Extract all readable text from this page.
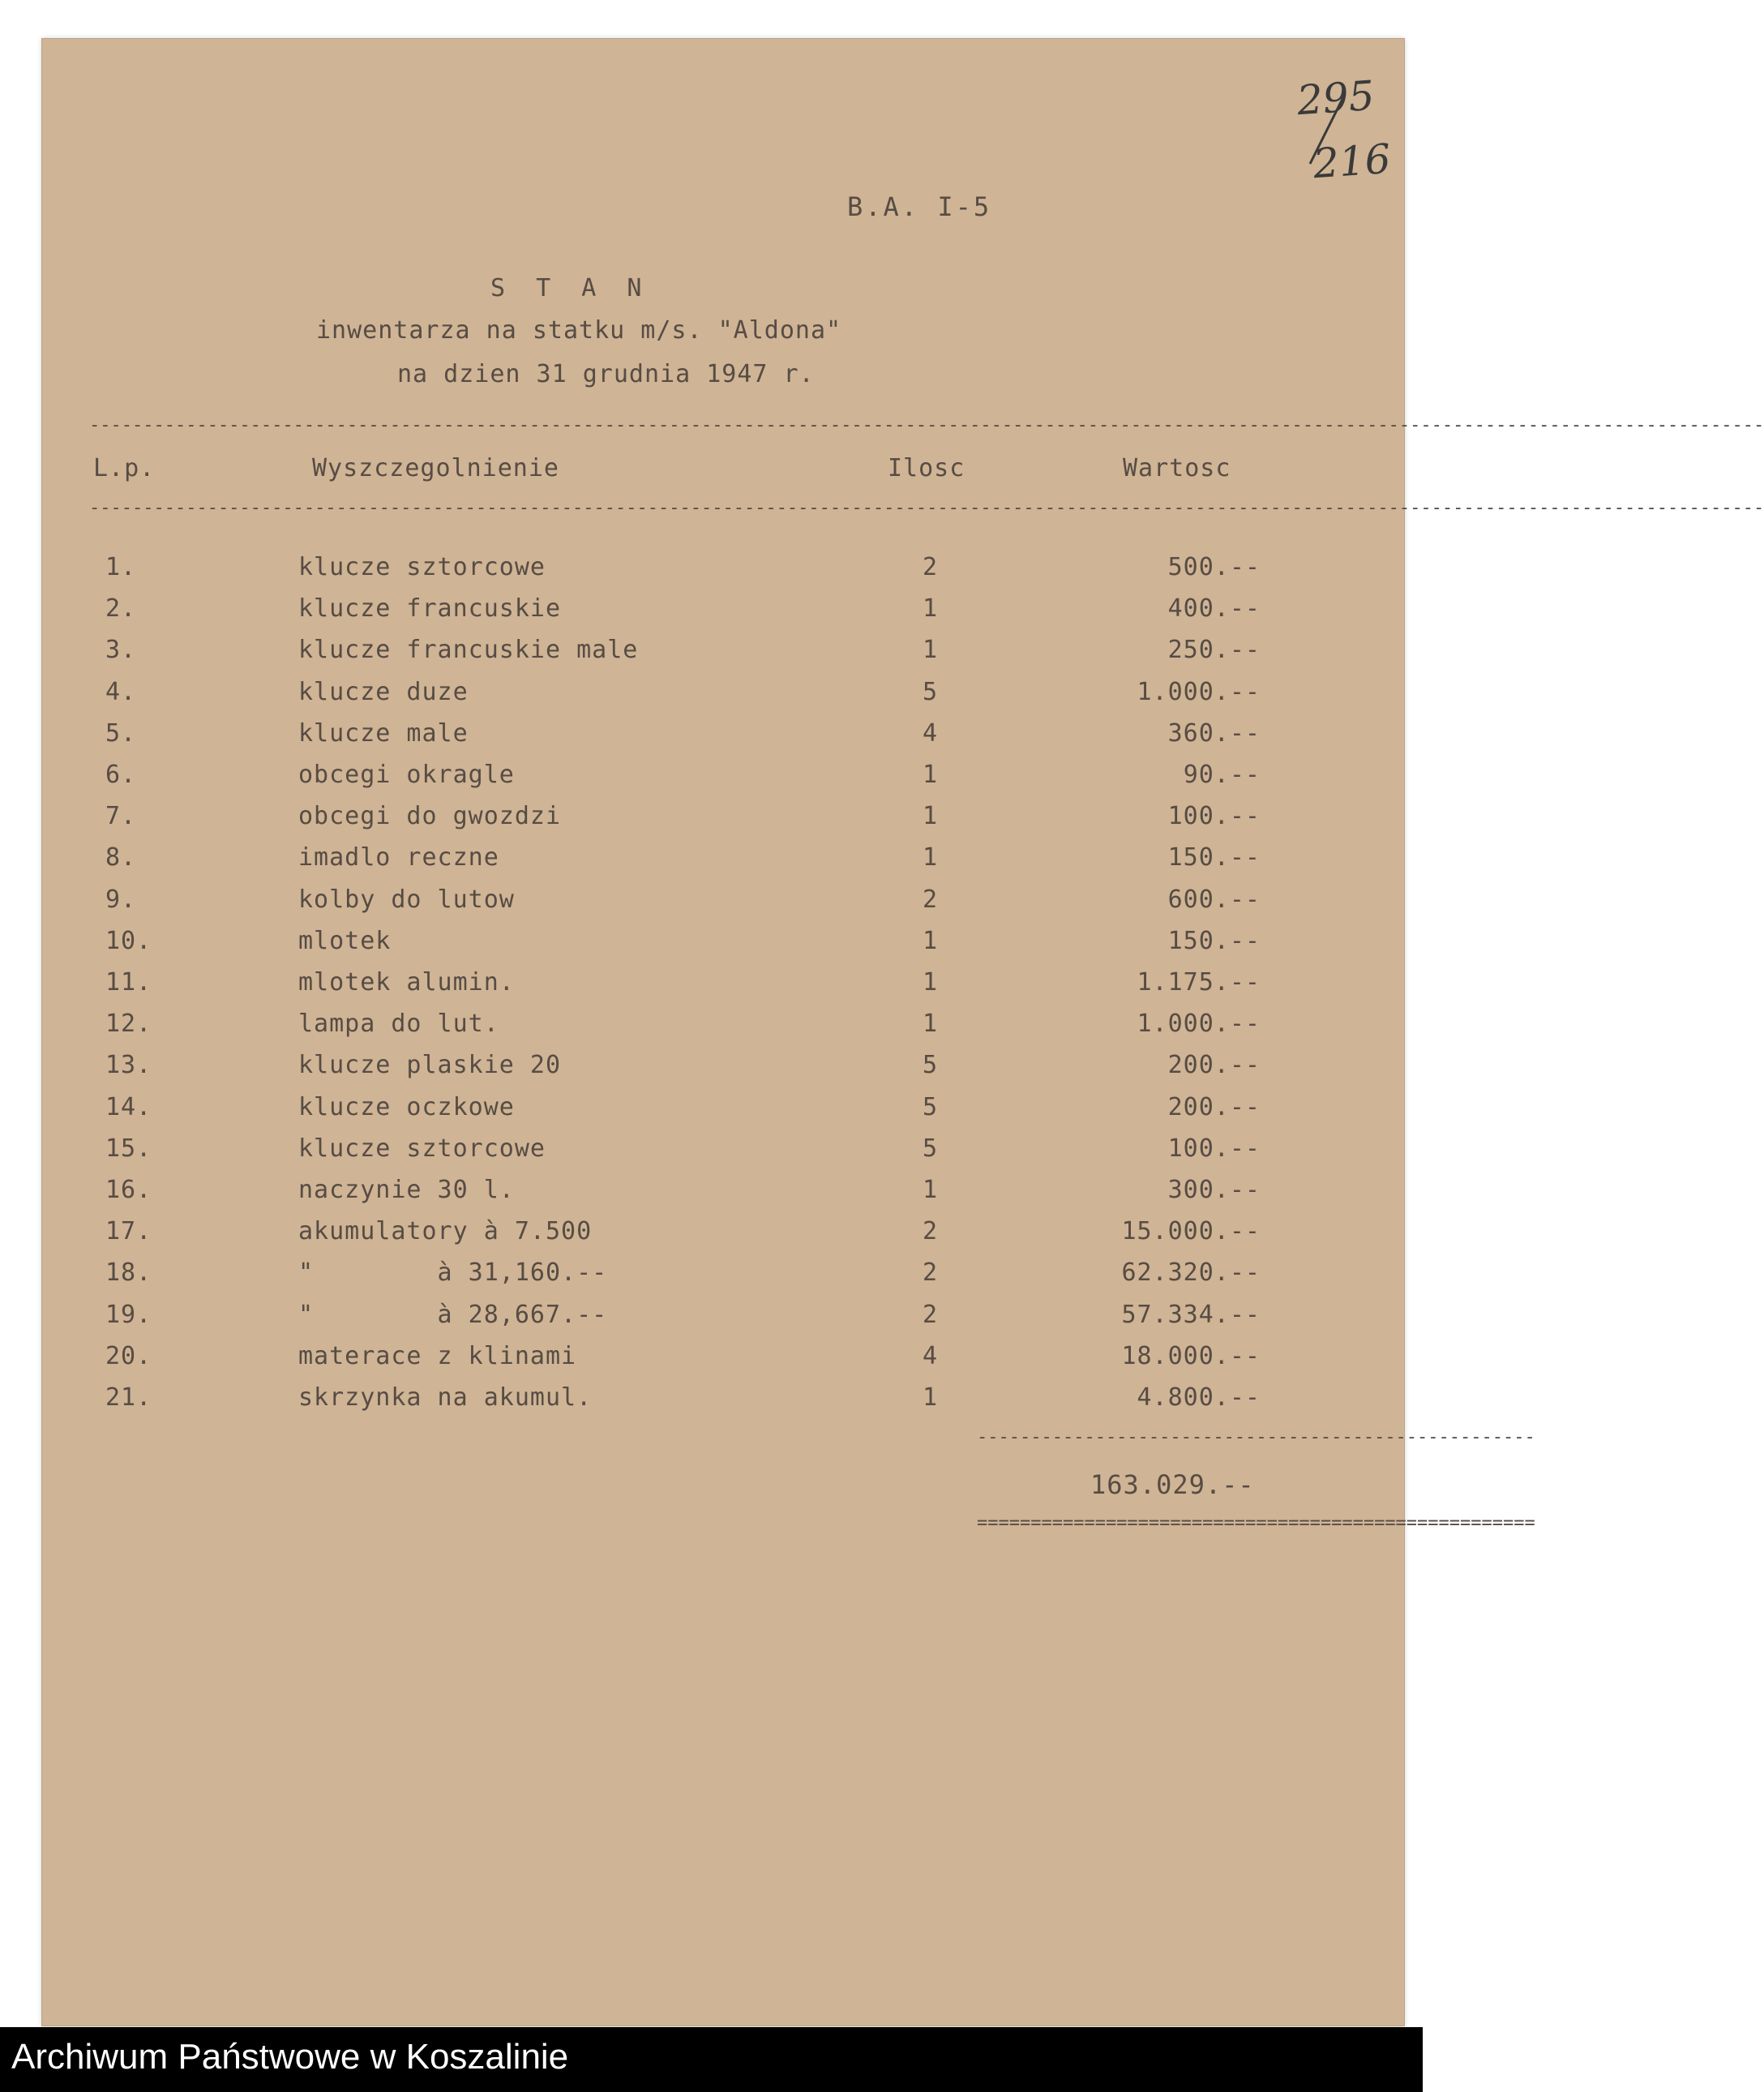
295
216
B.A. I-5
S T A N
inwentarza na statku m/s. "Aldona"
na dzien 31 grudnia 1947 r.
------------------------------------------------------------------------------------------------------------------------------------------------------------
------------------------------------------------------------------------------------------------------------------------------------------------------------
L.p.	Wyszczegolnienie	Ilosc	Wartosc
1.	klucze sztorcowe	2	500.--
2.	klucze francuskie	1	400.--
3.	klucze francuskie male	1	250.--
4.	klucze duze	5	1.000.--
5.	klucze male	4	360.--
6.	obcegi okragle	1	90.--
7.	obcegi do gwozdzi	1	100.--
8.	imadlo reczne	1	150.--
9.	kolby do lutow	2	600.--
10.	mlotek	1	150.--
11.	mlotek alumin.	1	1.175.--
12.	lampa do lut.	1	1.000.--
13.	klucze plaskie 20	5	200.--
14.	klucze oczkowe	5	200.--
15.	klucze sztorcowe	5	100.--
16.	naczynie 30 l.	1	300.--
17.	akumulatory à 7.500	2	15.000.--
18.	"        à 31,160.--	2	62.320.--
19.	"        à 28,667.--	2	57.334.--
20.	materace z klinami	4	18.000.--
21.	skrzynka na akumul.	1	4.800.--
----------------------------------------------------
163.029.--
====================================================
Archiwum Państwowe w Koszalinie
